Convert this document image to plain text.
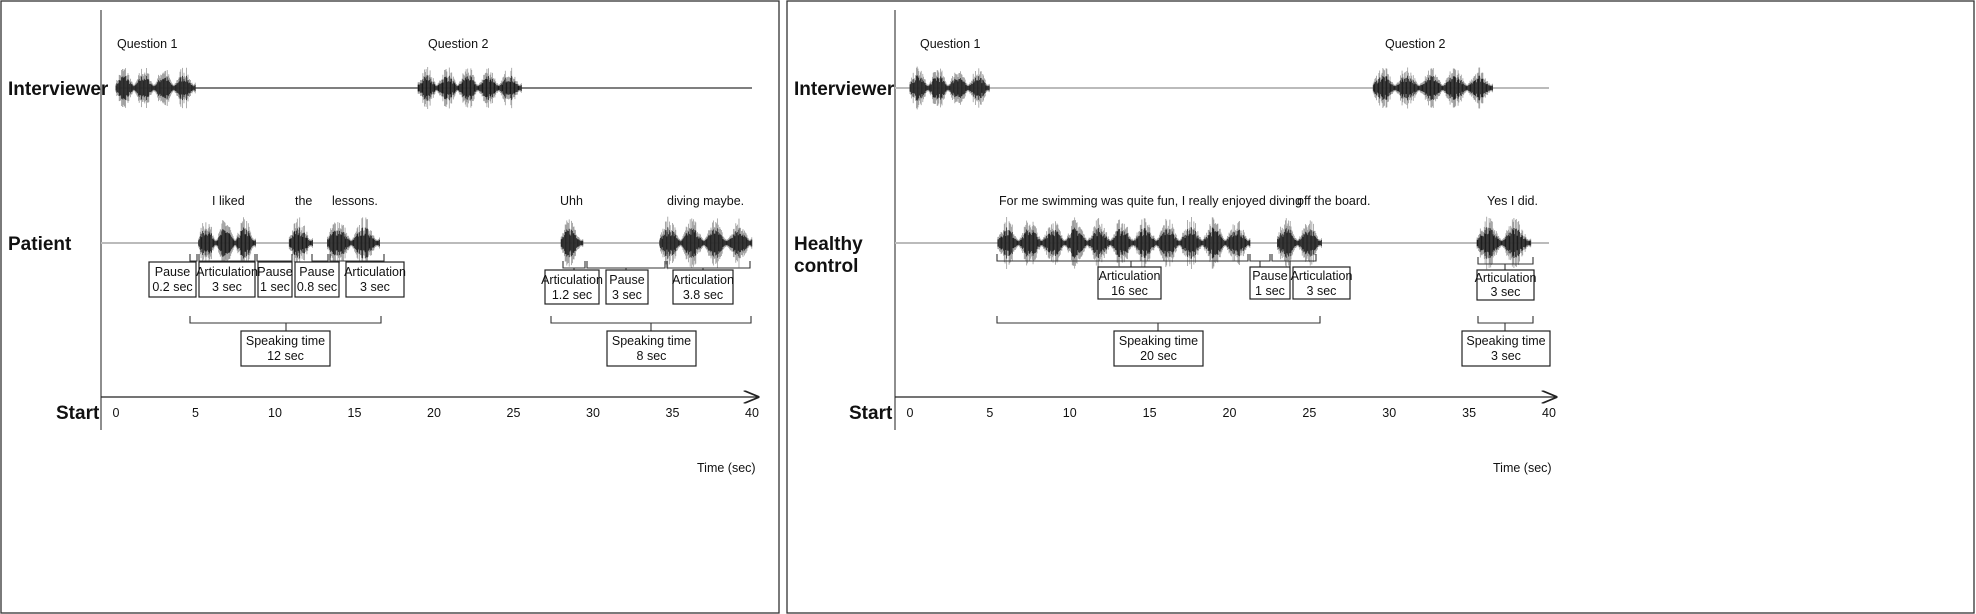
Interviewer
Patient
Start
Question 1	Question 2
Time (sec)
0	5	10	15	20	25	30	35	40
I liked	the lessons.	Uhh	diving maybe.
Pause
0.2 sec
Articulation
3 sec
Pause
1 sec
Pause
0.8 sec
Articulation
3 sec	Articulation
1.2 sec
Pause
3 sec
Articulation
3.8 sec
Speaking time
12 sec
Speaking time
8 sec
Interviewer
Healthy
control
Start
Question 1	Question 2
Time (sec)
0	5	10	15	20	25	30	35	40
For me swimming was quite fun, I really enjoyed diving
off the board.	Yes I did.
Articulation
16 sec
Pause
1 sec
Articulation
3 sec
Articulation
3 sec
Speaking time
20 sec
Speaking time
3 sec
